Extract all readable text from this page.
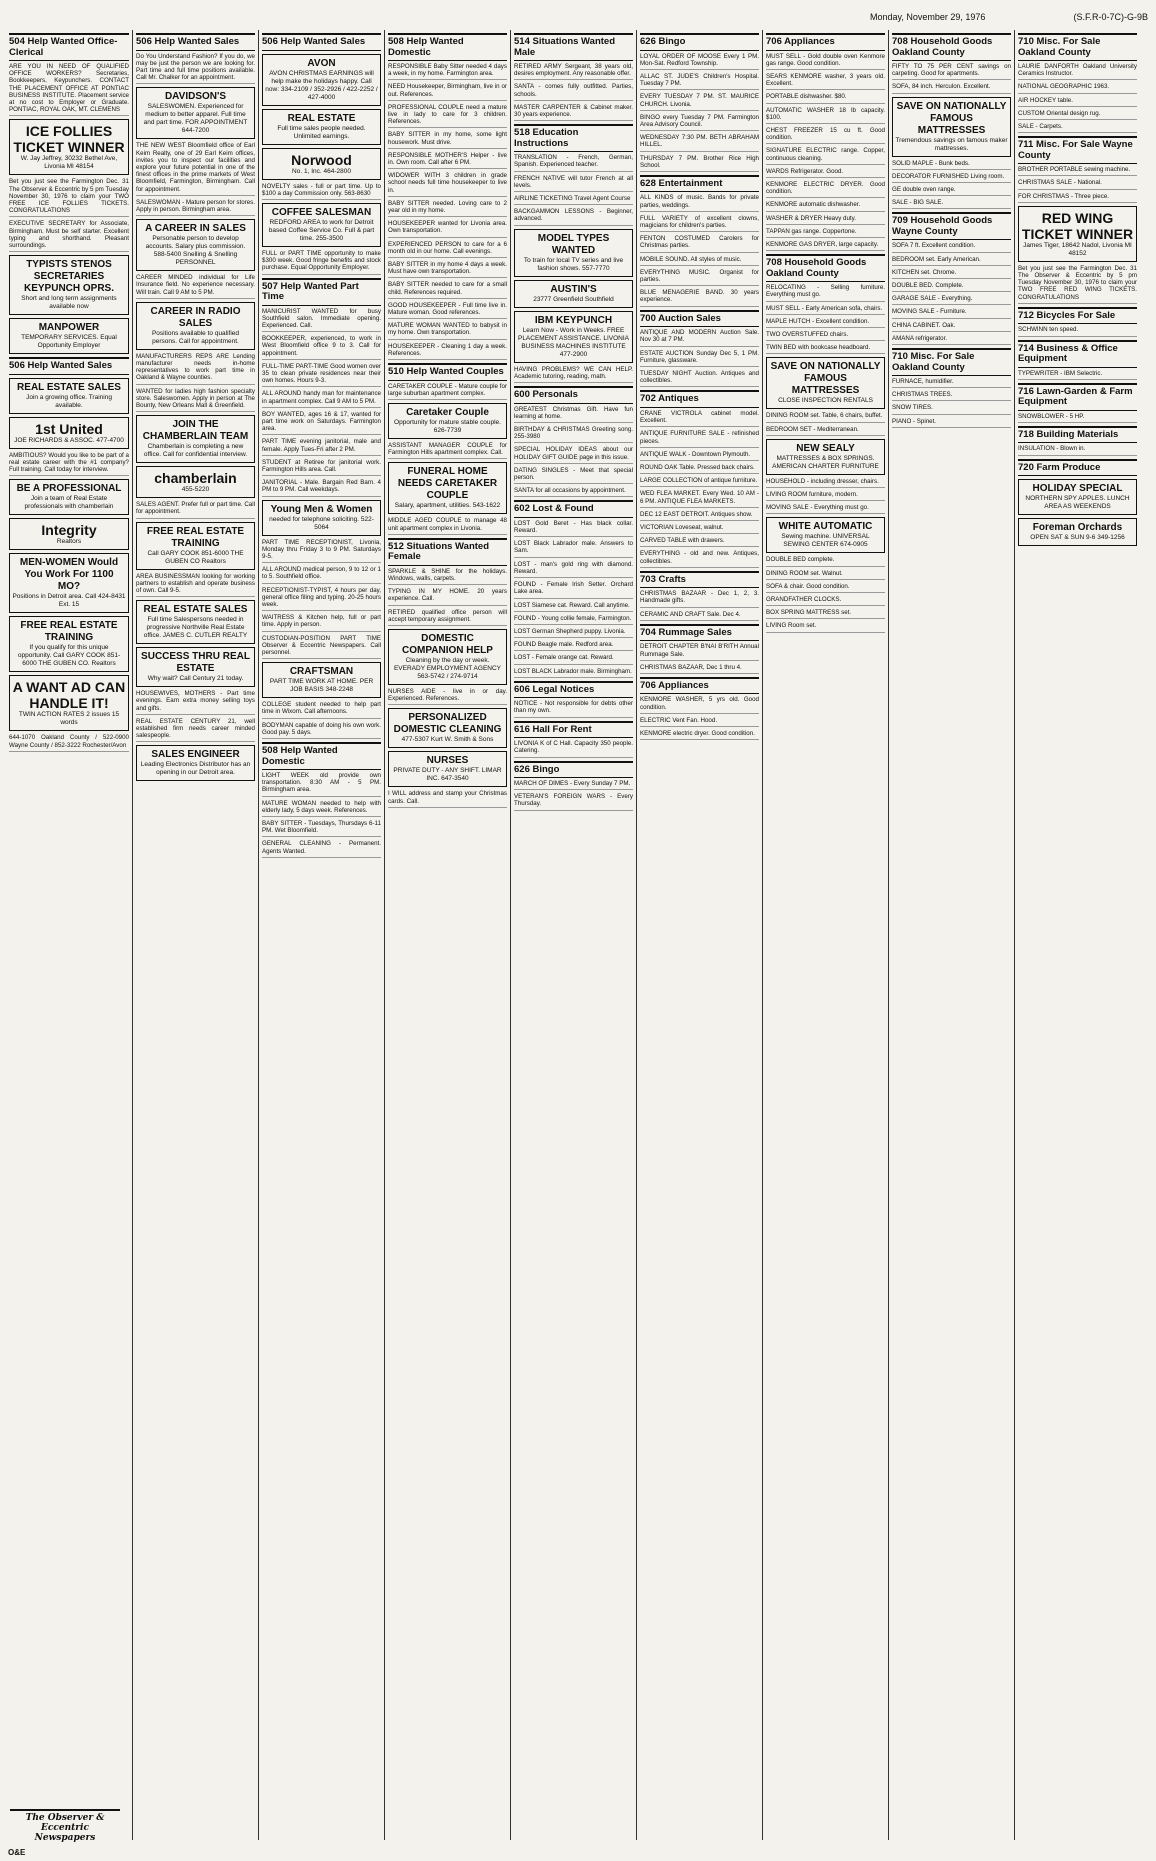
Monday, November 29, 1976	(S.F.R-0-7C)-G-9B
504 Help Wanted Office-Clerical
ARE YOU IN NEED OF QUALIFIED OFFICE WORKERS? Secretaries, Bookkeepers, Keypunchers. CONTACT THE PLACEMENT OFFICE AT PONTIAC BUSINESS INSTITUTE. Placement service at no cost to Employer or Graduate. PONTIAC, ROYAL OAK, MT. CLEMENS
ICE FOLLIES TICKET WINNER
W. Jay Jeffrey, 30232 Bethel Ave, Livonia MI 48154
Bet you just see the Farmington Dec. 31 The Observer & Eccentric by 5 pm Tuesday November 30, 1976 to claim your TWO FREE ICE FOLLIES TICKETS. CONGRATULATIONS
EXECUTIVE SECRETARY for Associate, Birmingham. Must be self starter. Excellent typing and shorthand. Pleasant surroundings.
TYPISTS STENOS SECRETARIES KEYPUNCH OPRS.
Short and long term assignments available now
MANPOWER
TEMPORARY SERVICES. Equal Opportunity Employer
506 Help Wanted Sales
REAL ESTATE SALES
Join a growing office. Training available.
1st United
JOE RICHARDS & ASSOC. 477-4700
AMBITIOUS? Would you like to be part of a real estate career with the #1 company? Full training. Call today for interview.
BE A PROFESSIONAL
Join a team of Real Estate professionals with chamberlain
Integrity
Realtors
MEN-WOMEN Would You Work For 1100 MO?
Positions in Detroit area. Call 424-8431 Ext. 15
FREE REAL ESTATE TRAINING
If you qualify for this unique opportunity. Call GARY COOK 851-6000 THE GUBEN CO. Realtors
A WANT AD CAN HANDLE IT!
TWIN ACTION RATES 2 issues 15 words
644-1070 Oakland County / 522-0900 Wayne County / 852-3222 Rochester/Avon
506 Help Wanted Sales
Do You Understand Fashion? If you do, we may be just the person we are looking for. Part time and full time positions available. Call Mr. Chalker for an appointment.
DAVIDSON'S
SALESWOMEN. Experienced for medium to better apparel. Full time and part time. FOR APPOINTMENT 644-7200
THE NEW WEST Bloomfield office of Earl Keim Realty, one of 29 Earl Keim offices, invites you to inspect our facilities and explore your future potential in one of the finest offices in the prime markets of West Bloomfield, Farmington, Birmingham. Call for appointment.
SALESWOMAN - Mature person for stores. Apply in person. Birmingham area.
A CAREER IN SALES
Personable person to develop accounts. Salary plus commission. 588-5400 Snelling & Snelling PERSONNEL
CAREER MINDED individual for Life Insurance field. No experience necessary. Will train. Call 9 AM to 5 PM.
CAREER IN RADIO SALES
Positions available to qualified persons. Call for appointment.
MANUFACTURERS REPS ARE Lending manufacturer needs in-home representatives to work part time in Oakland & Wayne counties.
WANTED for ladies high fashion specialty store. Saleswomen. Apply in person at The Bounty, New Orleans Mall & Greenfield.
JOIN THE CHAMBERLAIN TEAM
Chamberlain is completing a new office. Call for confidential interview.
chamberlain
455-5220
SALES AGENT. Prefer full or part time. Call for appointment.
FREE REAL ESTATE TRAINING
Call GARY COOK 851-6000 THE GUBEN CO Realtors
AREA BUSINESSMAN looking for working partners to establish and operate business of own. Call 9-5.
REAL ESTATE SALES
Full time Salespersons needed in progressive Northville Real Estate office. JAMES C. CUTLER REALTY
SUCCESS THRU REAL ESTATE
Why wait? Call Century 21 today.
HOUSEWIVES, MOTHERS - Part time evenings. Earn extra money selling toys and gifts.
REAL ESTATE CENTURY 21, well established firm needs career minded salespeople.
SALES ENGINEER
Leading Electronics Distributor has an opening in our Detroit area.
506 Help Wanted Sales
AVON
AVON CHRISTMAS EARNINGS will help make the holidays happy. Call now: 334-2109 / 352-2926 / 422-2252 / 427-4000
REAL ESTATE
Full time sales people needed. Unlimited earnings.
Norwood
No. 1, Inc. 464-2800
NOVELTY sales - full or part time. Up to $100 a day Commission only. 563-8630
COFFEE SALESMAN
REDFORD AREA to work for Detroit based Coffee Service Co. Full & part time. 255-3500
FULL or PART TIME opportunity to make $300 week. Good fringe benefits and stock purchase. Equal Opportunity Employer.
507 Help Wanted Part Time
MANICURIST WANTED for busy Southfield salon. Immediate opening. Experienced. Call.
BOOKKEEPER, experienced, to work in West Bloomfield office 9 to 3. Call for appointment.
FULL-TIME PART-TIME Good women over 35 to clean private residences near their own homes. Hours 9-3.
ALL AROUND handy man for maintenance in apartment complex. Call 9 AM to 5 PM.
BOY WANTED, ages 16 & 17, wanted for part time work on Saturdays. Farmington area.
PART TIME evening janitorial, male and female. Apply Tues-Fri after 2 PM.
STUDENT at Retiree for janitorial work. Farmington Hills area. Call.
JANITORIAL - Male. Bargain Red Barn. 4 PM to 9 PM. Call weekdays.
Young Men & Women
needed for telephone soliciting. 522-5064
PART TIME RECEPTIONIST, Livonia, Monday thru Friday 3 to 9 PM. Saturdays 9-5.
ALL AROUND medical person, 9 to 12 or 1 to 5. Southfield office.
RECEPTIONIST-TYPIST, 4 hours per day, general office filing and typing. 20-25 hours week.
WAITRESS & Kitchen help, full or part time. Apply in person.
CUSTODIAN-POSITION PART TIME Observer & Eccentric Newspapers. Call personnel.
CRAFTSMAN
PART TIME WORK AT HOME. PER JOB BASIS 348-2248
COLLEGE student needed to help part time in Wixom. Call afternoons.
BODYMAN capable of doing his own work. Good pay. 5 days.
508 Help Wanted Domestic
LIGHT WEEK old provide own transportation. 8:30 AM - 5 PM. Birmingham area.
MATURE WOMAN needed to help with elderly lady, 5 days week. References.
BABY SITTER - Tuesdays, Thursdays 6-11 PM. Wet Bloomfield.
GENERAL CLEANING - Permanent. Agents Wanted.
508 Help Wanted Domestic
RESPONSIBLE Baby Sitter needed 4 days a week, in my home. Farmington area.
NEED Housekeeper, Birmingham, live in or out. References.
PROFESSIONAL COUPLE need a mature live in lady to care for 3 children. References.
BABY SITTER in my home, some light housework. Must drive.
RESPONSIBLE MOTHER'S Helper - live in. Own room. Call after 6 PM.
WIDOWER WITH 3 children in grade school needs full time housekeeper to live in.
BABY SITTER needed. Loving care to 2 year old in my home.
HOUSEKEEPER wanted for Livonia area. Own transportation.
EXPERIENCED PERSON to care for a 6 month old in our home. Call evenings.
BABY SITTER in my home 4 days a week. Must have own transportation.
BABY SITTER needed to care for a small child. References required.
GOOD HOUSEKEEPER - Full time live in. Mature woman. Good references.
MATURE WOMAN WANTED to babysit in my home. Own transportation.
HOUSEKEEPER - Cleaning 1 day a week. References.
510 Help Wanted Couples
CARETAKER COUPLE - Mature couple for large suburban apartment complex.
Caretaker Couple
Opportunity for mature stable couple. 626-7739
ASSISTANT MANAGER COUPLE for Farmington Hills apartment complex. Call.
FUNERAL HOME NEEDS CARETAKER COUPLE
Salary, apartment, utilities. 543-1622
MIDDLE AGED COUPLE to manage 48 unit apartment complex in Livonia.
512 Situations Wanted Female
SPARKLE & SHINE for the holidays. Windows, walls, carpets.
TYPING IN MY HOME. 20 years experience. Call.
RETIRED qualified office person will accept temporary assignment.
DOMESTIC COMPANION HELP
Cleaning by the day or week. EVERADY EMPLOYMENT AGENCY 563-5742 / 274-9714
NURSES AIDE - live in or day. Experienced. References.
PERSONALIZED DOMESTIC CLEANING
477-5307 Kurt W. Smith & Sons
NURSES
PRIVATE DUTY - ANY SHIFT. LIMAR INC. 647-3540
I WILL address and stamp your Christmas cards. Call.
514 Situations Wanted Male
RETIRED ARMY Sergeant, 38 years old, desires employment. Any reasonable offer.
SANTA - comes fully outfitted. Parties, schools.
MASTER CARPENTER & Cabinet maker. 30 years experience.
518 Education Instructions
TRANSLATION - French, German, Spanish. Experienced teacher.
FRENCH NATIVE will tutor French at all levels.
AIRLINE TICKETING Travel Agent Course
BACKGAMMON LESSONS - Beginner, advanced.
MODEL TYPES WANTED
To train for local TV series and live fashion shows. 557-7770
AUSTIN'S
23777 Greenfield Southfield
IBM KEYPUNCH
Learn Now - Work in Weeks. FREE PLACEMENT ASSISTANCE. LIVONIA BUSINESS MACHINES INSTITUTE 477-2900
HAVING PROBLEMS? WE CAN HELP. Academic tutoring, reading, math.
600 Personals
GREATEST Christmas Gift. Have fun learning at home.
BIRTHDAY & CHRISTMAS Greeting song. 255-3980
SPECIAL HOLIDAY IDEAS about our HOLIDAY GIFT GUIDE page in this issue.
DATING SINGLES - Meet that special person.
SANTA for all occasions by appointment.
602 Lost & Found
LOST Gold Beret - Has black collar. Reward.
LOST Black Labrador male. Answers to Sam.
LOST - man's gold ring with diamond. Reward.
FOUND - Female Irish Setter. Orchard Lake area.
LOST Siamese cat. Reward. Call anytime.
FOUND - Young collie female, Farmington.
LOST German Shepherd puppy. Livonia.
FOUND Beagle male. Redford area.
LOST - Female orange cat. Reward.
LOST BLACK Labrador male. Birmingham.
606 Legal Notices
NOTICE - Not responsible for debts other than my own.
616 Hall For Rent
LIVONIA K of C Hall. Capacity 350 people. Catering.
626 Bingo
MARCH OF DIMES - Every Sunday 7 PM.
VETERAN'S FOREIGN WARS - Every Thursday.
626 Bingo
LOYAL ORDER OF MOOSE Every 1 PM. Mon-Sat. Redford Township.
ALLAC ST. JUDE'S Children's Hospital. Tuesday 7 PM.
EVERY TUESDAY 7 PM. ST. MAURICE CHURCH. Livonia.
BINGO every Tuesday 7 PM. Farmington Area Advisory Council.
WEDNESDAY 7:30 PM. BETH ABRAHAM HILLEL.
THURSDAY 7 PM. Brother Rice High School.
628 Entertainment
ALL KINDS of music. Bands for private parties, weddings.
FULL VARIETY of excellent clowns, magicians for children's parties.
FENTON COSTUMED Carolers for Christmas parties.
MOBILE SOUND. All styles of music.
EVERYTHING MUSIC. Organist for parties.
BLUE MENAGERIE BAND. 30 years experience.
700 Auction Sales
ANTIQUE AND MODERN Auction Sale. Nov 30 at 7 PM.
ESTATE AUCTION Sunday Dec 5, 1 PM. Furniture, glassware.
TUESDAY NIGHT Auction. Antiques and collectibles.
702 Antiques
CRANE VICTROLA cabinet model. Excellent.
ANTIQUE FURNITURE SALE - refinished pieces.
ANTIQUE WALK - Downtown Plymouth.
ROUND OAK Table. Pressed back chairs.
LARGE COLLECTION of antique furniture.
WED FLEA MARKET. Every Wed. 10 AM - 6 PM. ANTIQUE FLEA MARKETS.
DEC 12 EAST DETROIT. Antiques show.
VICTORIAN Loveseat, walnut.
CARVED TABLE with drawers.
EVERYTHING - old and new. Antiques, collectibles.
703 Crafts
CHRISTMAS BAZAAR - Dec 1, 2, 3. Handmade gifts.
CERAMIC AND CRAFT Sale. Dec 4.
704 Rummage Sales
DETROIT CHAPTER B'NAI B'RITH Annual Rummage Sale.
CHRISTMAS BAZAAR, Dec 1 thru 4.
706 Appliances
KENMORE WASHER, 5 yrs old. Good condition.
ELECTRIC Vent Fan. Hood.
KENMORE electric dryer. Good condition.
706 Appliances
MUST SELL - Gold double oven Kenmore gas range. Good condition.
SEARS KENMORE washer, 3 years old. Excellent.
PORTABLE dishwasher. $80.
AUTOMATIC WASHER 18 lb capacity. $100.
CHEST FREEZER 15 cu ft. Good condition.
SIGNATURE ELECTRIC range. Copper, continuous cleaning.
WARDS Refrigerator. Good.
KENMORE ELECTRIC DRYER. Good condition.
KENMORE automatic dishwasher.
WASHER & DRYER Heavy duty.
TAPPAN gas range. Coppertone.
KENMORE GAS DRYER, large capacity.
708 Household Goods Oakland County
RELOCATING - Selling furniture. Everything must go.
MUST SELL - Early American sofa, chairs.
MAPLE HUTCH - Excellent condition.
TWO OVERSTUFFED chairs.
TWIN BED with bookcase headboard.
SAVE ON NATIONALLY FAMOUS MATTRESSES
CLOSE INSPECTION RENTALS
DINING ROOM set. Table, 6 chairs, buffet.
BEDROOM SET - Mediterranean.
NEW SEALY
MATTRESSES & BOX SPRINGS. AMERICAN CHARTER FURNITURE
HOUSEHOLD - including dresser, chairs.
LIVING ROOM furniture, modern.
MOVING SALE - Everything must go.
WHITE AUTOMATIC
Sewing machine. UNIVERSAL SEWING CENTER 674-0905
DOUBLE BED complete.
DINING ROOM set. Walnut.
SOFA & chair. Good condition.
GRANDFATHER CLOCKS.
BOX SPRING MATTRESS set.
LIVING Room set.
708 Household Goods Oakland County
FIFTY TO 75 PER CENT savings on carpeting. Good for apartments.
SOFA, 84 inch. Herculon. Excellent.
SAVE ON NATIONALLY FAMOUS MATTRESSES
Tremendous savings on famous maker mattresses.
SOLID MAPLE - Bunk beds.
DECORATOR FURNISHED Living room.
GE double oven range.
SALE - BIG SALE.
709 Household Goods Wayne County
SOFA 7 ft. Excellent condition.
BEDROOM set. Early American.
KITCHEN set. Chrome.
DOUBLE BED. Complete.
GARAGE SALE - Everything.
MOVING SALE - Furniture.
CHINA CABINET. Oak.
AMANA refrigerator.
710 Misc. For Sale Oakland County
FURNACE, humidifier.
CHRISTMAS TREES.
SNOW TIRES.
PIANO - Spinet.
710 Misc. For Sale Oakland County
LAURIE DANFORTH Oakland University Ceramics Instructor.
NATIONAL GEOGRAPHIC 1963.
AIR HOCKEY table.
CUSTOM Oriental design rug.
SALE - Carpets.
711 Misc. For Sale Wayne County
BROTHER PORTABLE sewing machine.
CHRISTMAS SALE - National.
FOR CHRISTMAS - Three piece.
RED WING TICKET WINNER
James Tiger, 18642 Nadol, Livonia MI 48152
Bet you just see the Farmington Dec. 31 The Observer & Eccentric by 5 pm Tuesday November 30, 1976 to claim your TWO FREE RED WING TICKETS. CONGRATULATIONS
712 Bicycles For Sale
SCHWINN ten speed.
714 Business & Office Equipment
TYPEWRITER - IBM Selectric.
716 Lawn-Garden & Farm Equipment
SNOWBLOWER - 5 HP.
718 Building Materials
INSULATION - Blown in.
720 Farm Produce
HOLIDAY SPECIAL
NORTHERN SPY APPLES. LUNCH AREA AS WEEKENDS
Foreman Orchards
OPEN SAT & SUN 9-6 349-1256
The Observer & Eccentric Newspapers
O&E
